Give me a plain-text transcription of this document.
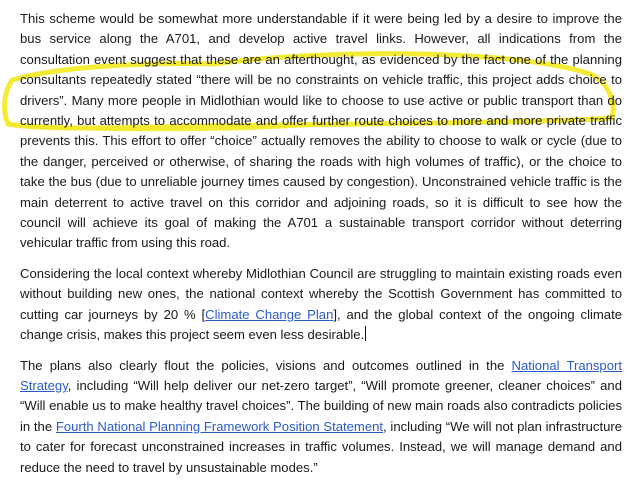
This scheme would be somewhat more understandable if it were being led by a desire to improve the bus service along the A701, and develop active travel links. However, all indications from the consultation event suggest that these are an afterthought, as evidenced by the fact one of the planning consultants repeatedly stated “there will be no constraints on vehicle traffic, this project adds choice to drivers”. Many more people in Midlothian would like to choose to use active or public transport than do currently, but attempts to accommodate and offer further route choices to more and more private traffic prevents this. This effort to offer “choice” actually removes the ability to choose to walk or cycle (due to the danger, perceived or otherwise, of sharing the roads with high volumes of traffic), or the choice to take the bus (due to unreliable journey times caused by congestion). Unconstrained vehicle traffic is the main deterrent to active travel on this corridor and adjoining roads, so it is difficult to see how the council will achieve its goal of making the A701 a sustainable transport corridor without deterring vehicular traffic from using this road.

Considering the local context whereby Midlothian Council are struggling to maintain existing roads even without building new ones, the national context whereby the Scottish Government has committed to cutting car journeys by 20 % [Climate Change Plan], and the global context of the ongoing climate change crisis, makes this project seem even less desirable.

The plans also clearly flout the policies, visions and outcomes outlined in the National Transport Strategy, including “Will help deliver our net-zero target”, “Will promote greener, cleaner choices” and “Will enable us to make healthy travel choices”. The building of new main roads also contradicts policies in the Fourth National Planning Framework Position Statement, including “We will not plan infrastructure to cater for forecast unconstrained increases in traffic volumes. Instead, we will manage demand and reduce the need to travel by unsustainable modes.”
